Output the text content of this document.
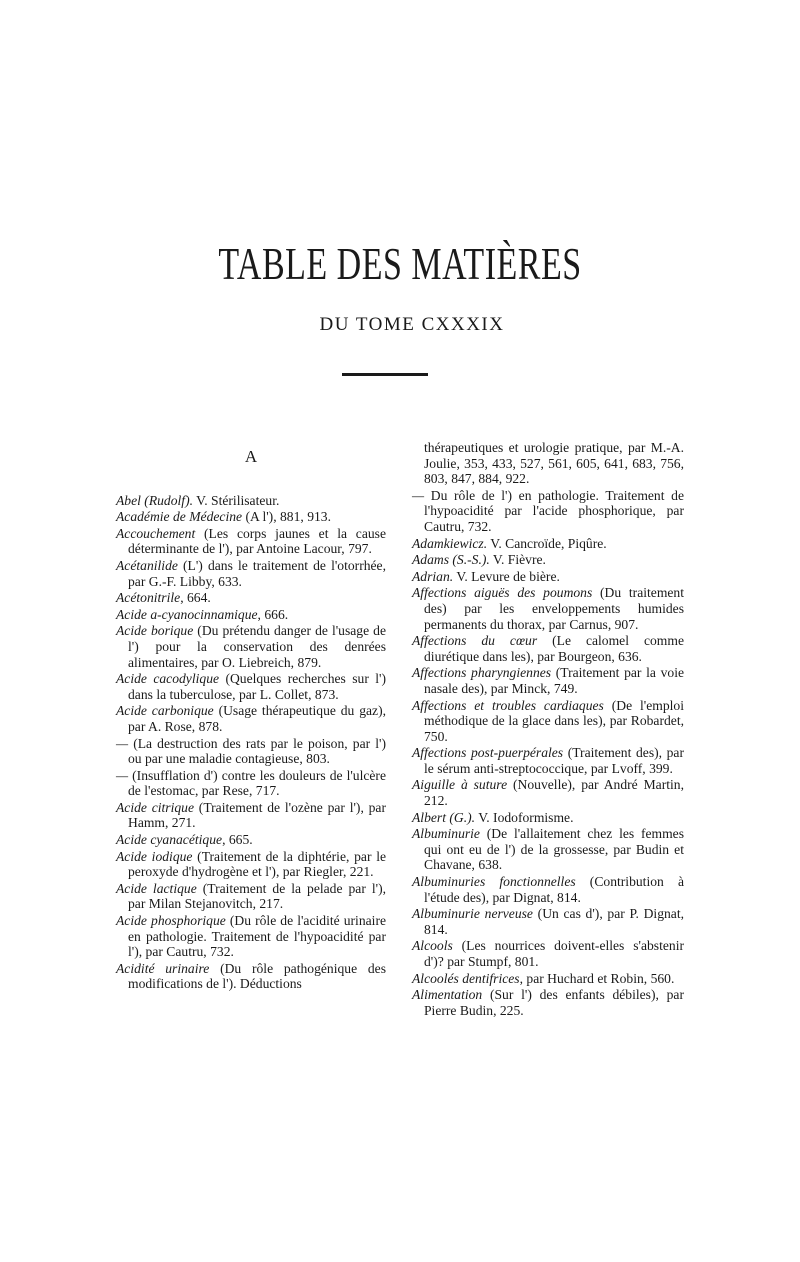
TABLE DES MATIÈRES
DU TOME CXXXIX
A
Abel (Rudolf). V. Stérilisateur.
Académie de Médecine (A l'), 881, 913.
Accouchement (Les corps jaunes et la cause déterminante de l'), par Antoine Lacour, 797.
Acétanilide (L') dans le traitement de l'otorrhée, par G.-F. Libby, 633.
Acétonitrile, 664.
Acide a-cyanocinnamique, 666.
Acide borique (Du prétendu danger de l'usage de l') pour la conservation des denrées alimentaires, par O. Liebreich, 879.
Acide cacodylique (Quelques recherches sur l') dans la tuberculose, par L. Collet, 873.
Acide carbonique (Usage thérapeutique du gaz), par A. Rose, 878.
— (La destruction des rats par le poison, par l') ou par une maladie contagieuse, 803.
— (Insufflation d') contre les douleurs de l'ulcère de l'estomac, par Rese, 717.
Acide citrique (Traitement de l'ozène par l'), par Hamm, 271.
Acide cyanacétique, 665.
Acide iodique (Traitement de la diphtérie, par le peroxyde d'hydrogène et l'), par Riegler, 221.
Acide lactique (Traitement de la pelade par l'), par Milan Stejanovitch, 217.
Acide phosphorique (Du rôle de l'acidité urinaire en pathologie. Traitement de l'hypoacidité par l'), par Cautru, 732.
Acidité urinaire (Du rôle pathogénique des modifications de l'). Déductions
thérapeutiques et urologie pratique, par M.-A. Joulie, 353, 433, 527, 561, 605, 641, 683, 756, 803, 847, 884, 922.
— Du rôle de l') en pathologie. Traitement de l'hypoacidité par l'acide phosphorique, par Cautru, 732.
Adamkiewicz. V. Cancroïde, Piqûre.
Adams (S.-S.). V. Fièvre.
Adrian. V. Levure de bière.
Affections aiguës des poumons (Du traitement des) par les enveloppements humides permanents du thorax, par Carnus, 907.
Affections du cœur (Le calomel comme diurétique dans les), par Bourgeon, 636.
Affections pharyngiennes (Traitement par la voie nasale des), par Minck, 749.
Affections et troubles cardiaques (De l'emploi méthodique de la glace dans les), par Robardet, 750.
Affections post-puerpérales (Traitement des), par le sérum anti-streptococcique, par Lvoff, 399.
Aiguille à suture (Nouvelle), par André Martin, 212.
Albert (G.). V. Iodoformisme.
Albuminurie (De l'allaitement chez les femmes qui ont eu de l') de la grossesse, par Budin et Chavane, 638.
Albuminuries fonctionnelles (Contribution à l'étude des), par Dignat, 814.
Albuminurie nerveuse (Un cas d'), par P. Dignat, 814.
Alcools (Les nourrices doivent-elles s'abstenir d')? par Stumpf, 801.
Alcoolés dentifrices, par Huchard et Robin, 560.
Alimentation (Sur l') des enfants débiles), par Pierre Budin, 225.
